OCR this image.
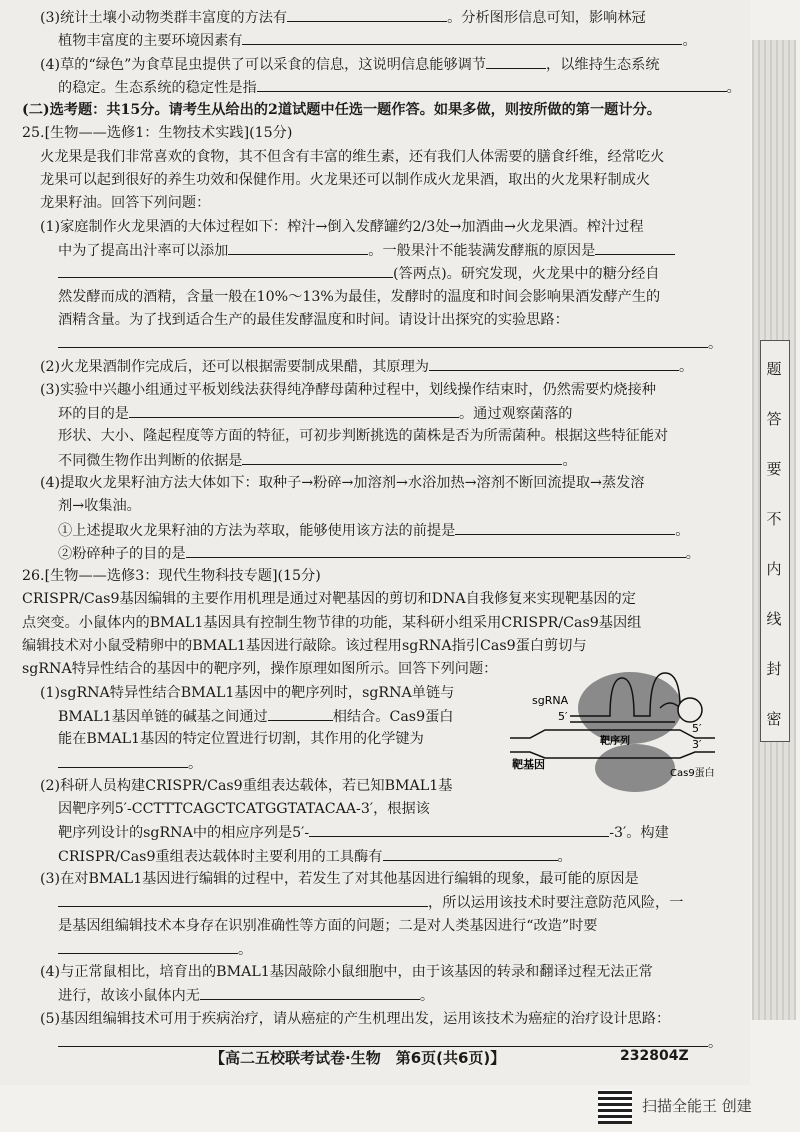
(3)统计土壤小动物类群丰富度的方法有	。分析图形信息可知，影响林冠
植物丰富度的主要环境因素有	。
(4)草的“绿色”为食草昆虫提供了可以采食的信息，这说明信息能够调节	，以维持生态系统
的稳定。生态系统的稳定性是指	。
(二)选考题：共15分。请考生从给出的2道试题中任选一题作答。如果多做，则按所做的第一题计分。
25.[生物——选修1：生物技术实践](15分)
火龙果是我们非常喜欢的食物，其不但含有丰富的维生素，还有我们人体需要的膳食纤维，经常吃火
龙果可以起到很好的养生功效和保健作用。火龙果还可以制作成火龙果酒，取出的火龙果籽制成火
龙果籽油。回答下列问题：
(1)家庭制作火龙果酒的大体过程如下：榨汁→倒入发酵罐约2/3处→加酒曲→火龙果酒。榨汁过程
中为了提高出汁率可以添加	。一般果汁不能装满发酵瓶的原因是
(答两点)。研究发现，火龙果中的糖分经自
然发酵而成的酒精，含量一般在10%～13%为最佳，发酵时的温度和时间会影响果酒发酵产生的
酒精含量。为了找到适合生产的最佳发酵温度和时间。请设计出探究的实验思路：
。
(2)火龙果酒制作完成后，还可以根据需要制成果醋，其原理为	。
(3)实验中兴趣小组通过平板划线法获得纯净酵母菌种过程中，划线操作结束时，仍然需要灼烧接种
环的目的是	。通过观察菌落的
形状、大小、隆起程度等方面的特征，可初步判断挑选的菌株是否为所需菌种。根据这些特征能对
不同微生物作出判断的依据是	。
(4)提取火龙果籽油方法大体如下：取种子→粉碎→加溶剂→水浴加热→溶剂不断回流提取→蒸发溶
剂→收集油。
①上述提取火龙果籽油的方法为萃取，能够使用该方法的前提是	。
②粉碎种子的目的是	。
26.[生物——选修3：现代生物科技专题](15分)
CRISPR/Cas9基因编辑的主要作用机理是通过对靶基因的剪切和DNA自我修复来实现靶基因的定
点突变。小鼠体内的BMAL1基因具有控制生物节律的功能，某科研小组采用CRISPR/Cas9基因组
编辑技术对小鼠受精卵中的BMAL1基因进行敲除。该过程用sgRNA指引Cas9蛋白剪切与
sgRNA特异性结合的基因中的靶序列，操作原理如图所示。回答下列问题：
(1)sgRNA特异性结合BMAL1基因中的靶序列时，sgRNA单链与
BMAL1基因单链的碱基之间通过	相结合。Cas9蛋白
能在BMAL1基因的特定位置进行切割，其作用的化学键为
。
(2)科研人员构建CRISPR/Cas9重组表达载体，若已知BMAL1基
因靶序列5′-CCTTTCAGCTCATGGTATACAA-3′，根据该
靶序列设计的sgRNA中的相应序列是5′-	-3′。构建
CRISPR/Cas9重组表达载体时主要利用的工具酶有	。
(3)在对BMAL1基因进行编辑的过程中，若发生了对其他基因进行编辑的现象，最可能的原因是
，所以运用该技术时要注意防范风险，一
是基因组编辑技术本身存在识别准确性等方面的问题；二是对人类基因进行“改造”时要
。
(4)与正常鼠相比，培育出的BMAL1基因敲除小鼠细胞中，由于该基因的转录和翻译过程无法正常
进行，故该小鼠体内无	。
(5)基因组编辑技术可用于疾病治疗，请从癌症的产生机理出发，运用该技术为癌症的治疗设计思路：
。
sgRNA
5′
5′
3′
靶序列
靶基因
Cas9蛋白
【高二五校联考试卷·生物　第6页(共6页)】	232804Z
题
答
要
不
内
线
封
密
扫描全能王 创建
